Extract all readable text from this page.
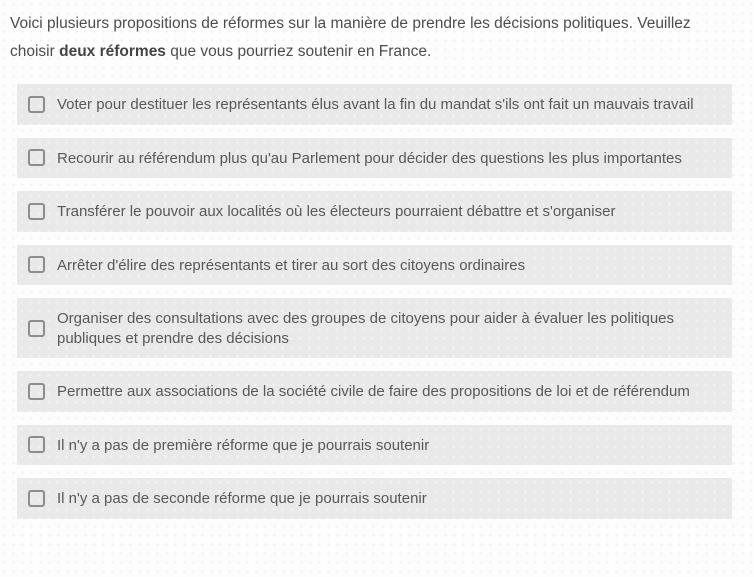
Voici plusieurs propositions de réformes sur la manière de prendre les décisions politiques. Veuillez choisir deux réformes que vous pourriez soutenir en France.

Voter pour destituer les représentants élus avant la fin du mandat s'ils ont fait un mauvais travail
Recourir au référendum plus qu'au Parlement pour décider des questions les plus importantes
Transférer le pouvoir aux localités où les électeurs pourraient débattre et s'organiser
Arrêter d'élire des représentants et tirer au sort des citoyens ordinaires
Organiser des consultations avec des groupes de citoyens pour aider à évaluer les politiques publiques et prendre des décisions
Permettre aux associations de la société civile de faire des propositions de loi et de référendum
Il n'y a pas de première réforme que je pourrais soutenir
Il n'y a pas de seconde réforme que je pourrais soutenir
